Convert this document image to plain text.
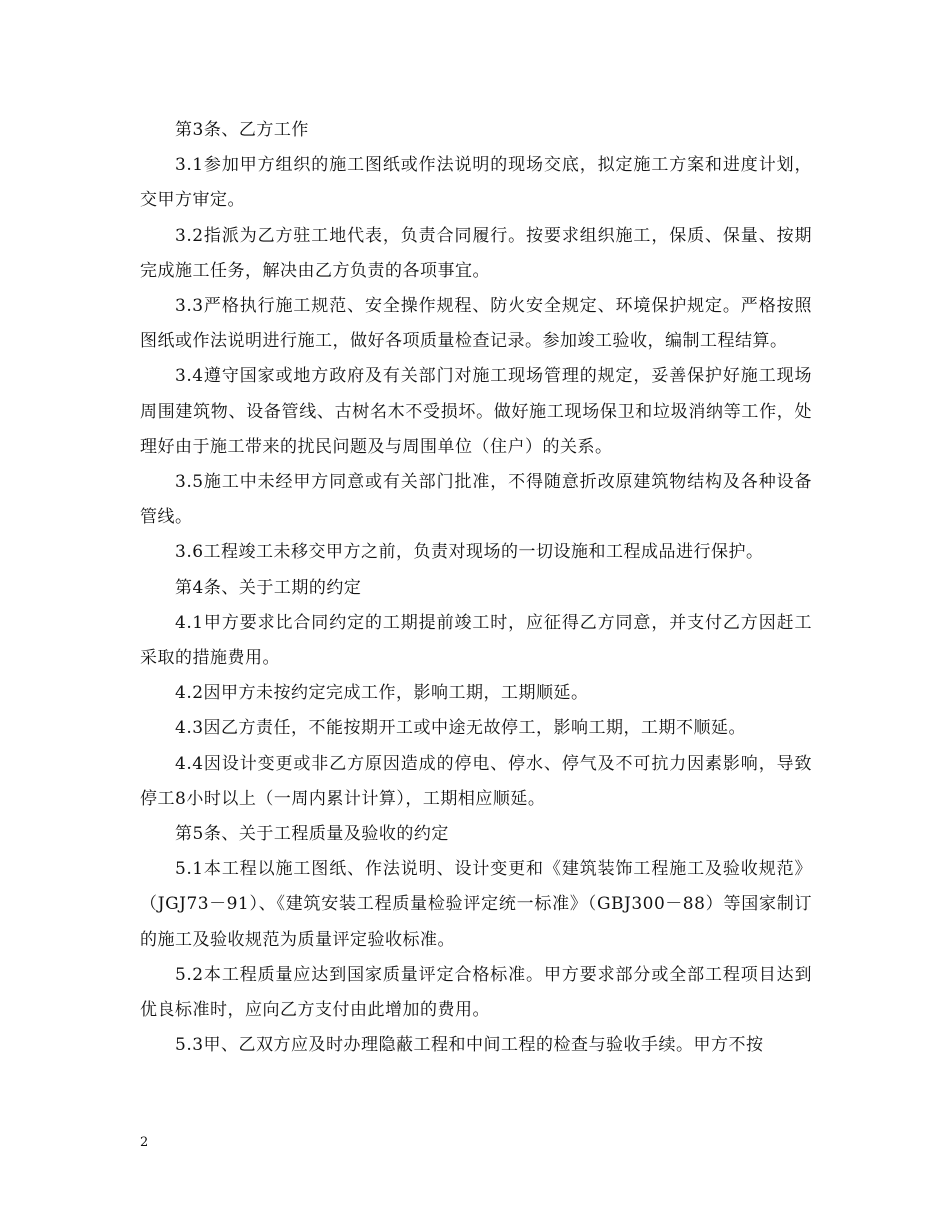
第3条、乙方工作

3.1参加甲方组织的施工图纸或作法说明的现场交底，拟定施工方案和进度计划，交甲方审定。

3.2指派为乙方驻工地代表，负责合同履行。按要求组织施工，保质、保量、按期完成施工任务，解决由乙方负责的各项事宜。

3.3严格执行施工规范、安全操作规程、防火安全规定、环境保护规定。严格按照图纸或作法说明进行施工，做好各项质量检查记录。参加竣工验收，编制工程结算。

3.4遵守国家或地方政府及有关部门对施工现场管理的规定，妥善保护好施工现场周围建筑物、设备管线、古树名木不受损坏。做好施工现场保卫和垃圾消纳等工作，处理好由于施工带来的扰民问题及与周围单位（住户）的关系。

3.5施工中未经甲方同意或有关部门批准，不得随意折改原建筑物结构及各种设备管线。

3.6工程竣工未移交甲方之前，负责对现场的一切设施和工程成品进行保护。

第4条、关于工期的约定

4.1甲方要求比合同约定的工期提前竣工时，应征得乙方同意，并支付乙方因赶工采取的措施费用。

4.2因甲方未按约定完成工作，影响工期，工期顺延。

4.3因乙方责任，不能按期开工或中途无故停工，影响工期，工期不顺延。

4.4因设计变更或非乙方原因造成的停电、停水、停气及不可抗力因素影响，导致停工8小时以上（一周内累计计算），工期相应顺延。

第5条、关于工程质量及验收的约定

5.1本工程以施工图纸、作法说明、设计变更和《建筑装饰工程施工及验收规范》（JGJ73－91）、《建筑安装工程质量检验评定统一标准》（GBJ300－88）等国家制订的施工及验收规范为质量评定验收标准。

5.2本工程质量应达到国家质量评定合格标准。甲方要求部分或全部工程项目达到优良标准时，应向乙方支付由此增加的费用。

5.3甲、乙双方应及时办理隐蔽工程和中间工程的检查与验收手续。甲方不按

2
